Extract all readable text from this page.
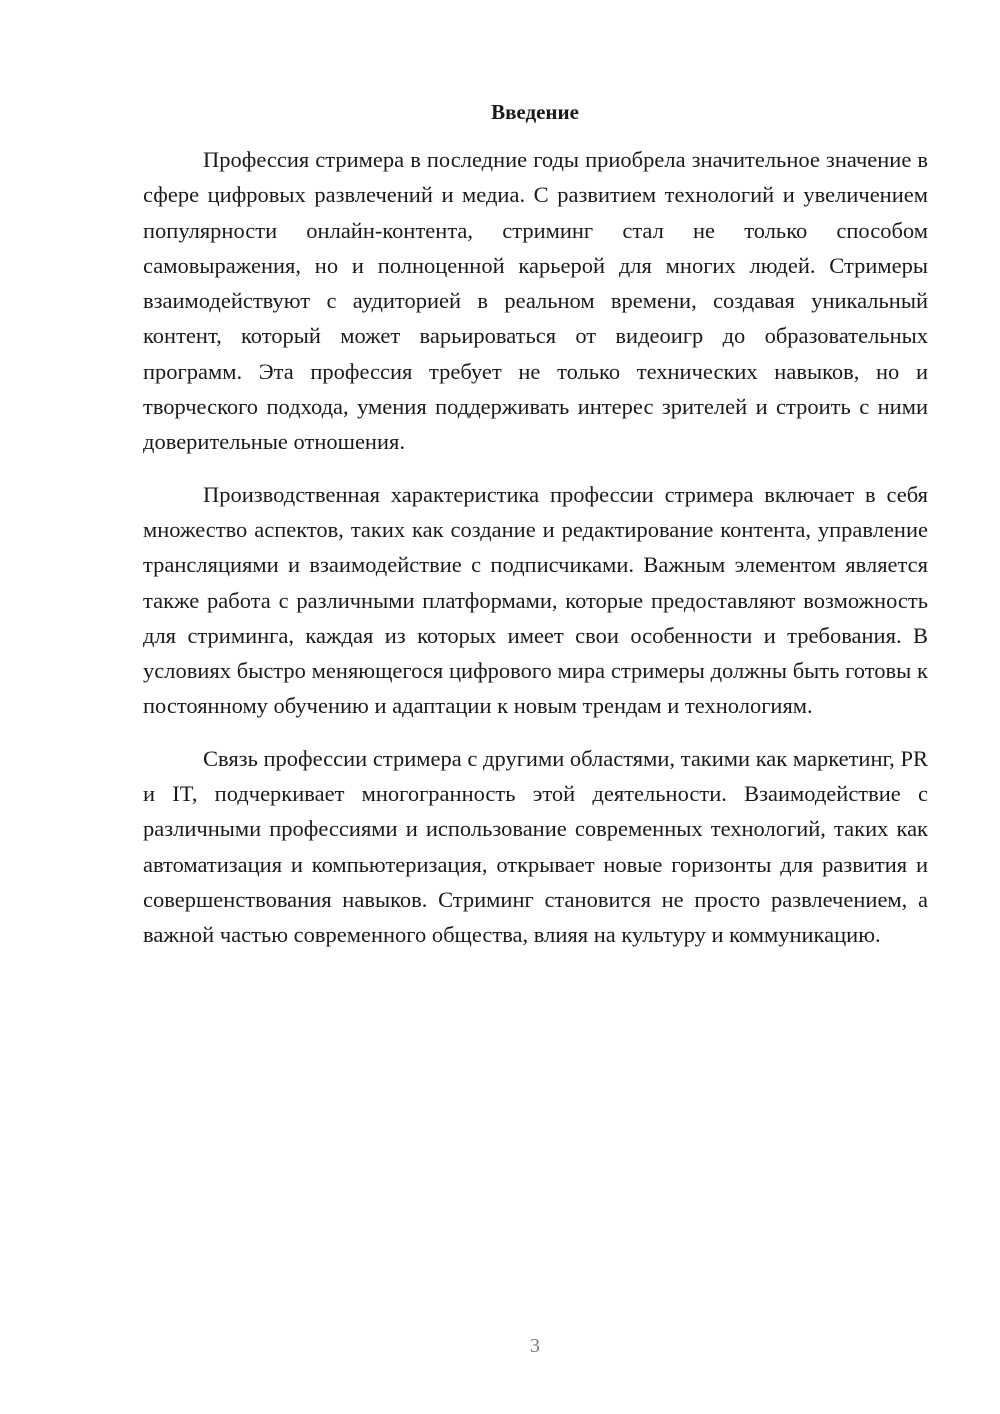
Введение

Профессия стримера в последние годы приобрела значительное значение в сфере цифровых развлечений и медиа. С развитием технологий и увеличением популярности онлайн-контента, стриминг стал не только способом самовыражения, но и полноценной карьерой для многих людей. Стримеры взаимодействуют с аудиторией в реальном времени, создавая уникальный контент, который может варьироваться от видеоигр до образовательных программ. Эта профессия требует не только технических навыков, но и творческого подхода, умения поддерживать интерес зрителей и строить с ними доверительные отношения.

Производственная характеристика профессии стримера включает в себя множество аспектов, таких как создание и редактирование контента, управление трансляциями и взаимодействие с подписчиками. Важным элементом является также работа с различными платформами, которые предоставляют возможность для стриминга, каждая из которых имеет свои особенности и требования. В условиях быстро меняющегося цифрового мира стримеры должны быть готовы к постоянному обучению и адаптации к новым трендам и технологиям.

Связь профессии стримера с другими областями, такими как маркетинг, PR и IT, подчеркивает многогранность этой деятельности. Взаимодействие с различными профессиями и использование современных технологий, таких как автоматизация и компьютеризация, открывает новые горизонты для развития и совершенствования навыков. Стриминг становится не просто развлечением, а важной частью современного общества, влияя на культуру и коммуникацию.

3
